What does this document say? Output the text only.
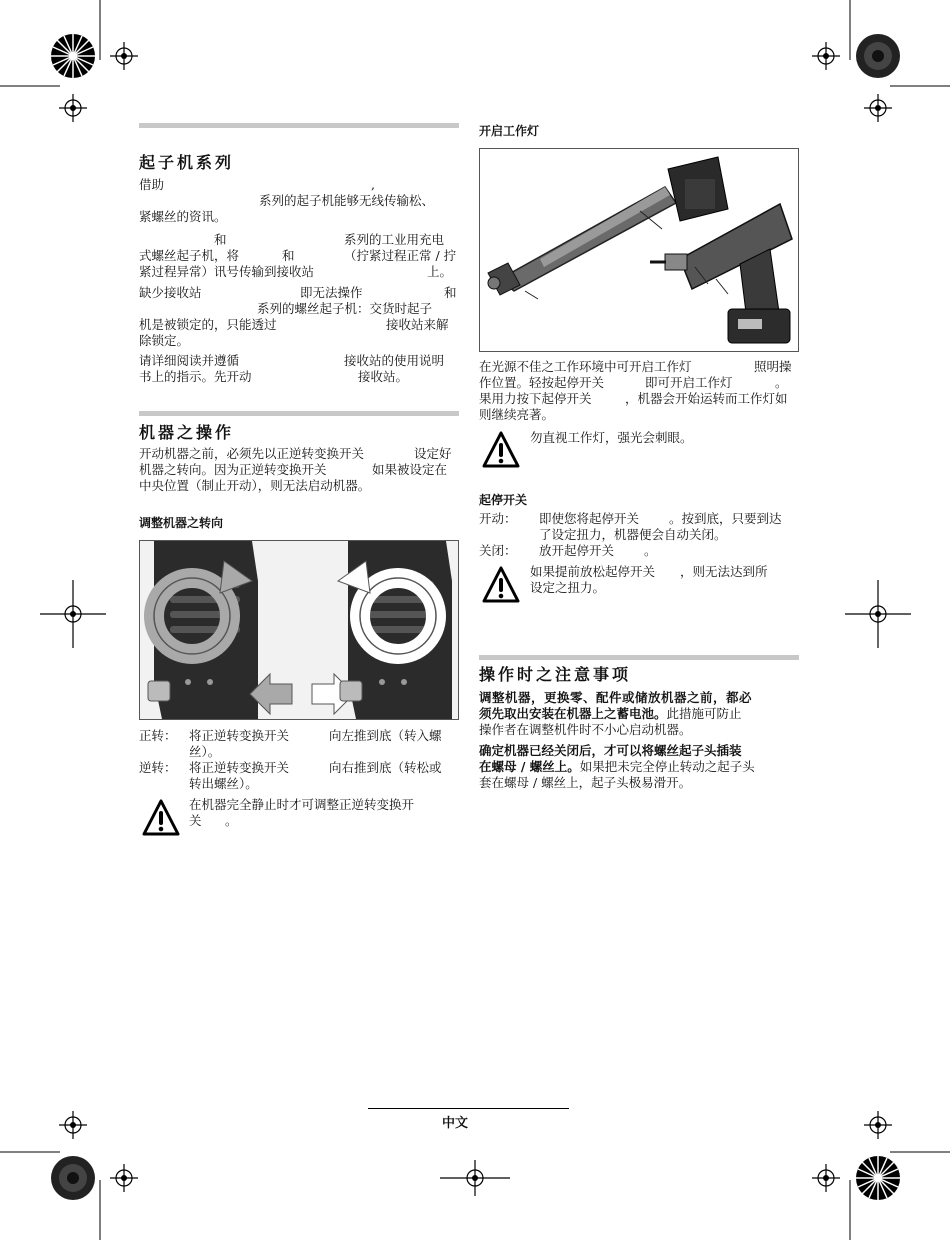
起子机系列
借助	,
系列的起子机能够无线传输松、
紧螺丝的资讯。
和	系列的工业用充电
式螺丝起子机，将	和	（拧紧过程正常 / 拧
紧过程异常）讯号传输到接收站	上。
缺少接收站	即无法操作	和
系列的螺丝起子机：交货时起子
机是被锁定的，只能透过	接收站来解
除锁定。
请详细阅读并遵循	接收站的使用说明
书上的指示。先开动	接收站。
机器之操作
开动机器之前，必须先以正逆转变换开关	设定好
机器之转向。因为正逆转变换开关	如果被设定在
中央位置（制止开动），则无法启动机器。
调整机器之转向
正转： 将正逆转变换开关	向左推到底（转入螺

丝）。
逆转： 将正逆转变换开关	向右推到底（转松或

转出螺丝）。
在机器完全静止时才可调整正逆转变换开
关 。
开启工作灯
在光源不佳之工作环境中可开启工作灯	照明操
作位置。轻按起停开关	即可开启工作灯	。如
果用力按下起停开关	，机器会开始运转而工作灯
则继续亮著。
勿直视工作灯，强光会刺眼。
起停开关
开动：	即使您将起停开关 。按到底，只要到达

了设定扭力，机器便会自动关闭。
关闭：	放开起停开关 。
如果提前放松起停开关 ，则无法达到所
设定之扭力。
操作时之注意事项
调整机器，更换零、配件或储放机器之前，都必
须先取出安装在机器上之蓄电池。此措施可防止
操作者在调整机件时不小心启动机器。
确定机器已经关闭后，才可以将螺丝起子头插装
在螺母 / 螺丝上。如果把未完全停止转动之起子头
套在螺母 / 螺丝上，起子头极易滑开。
中文
